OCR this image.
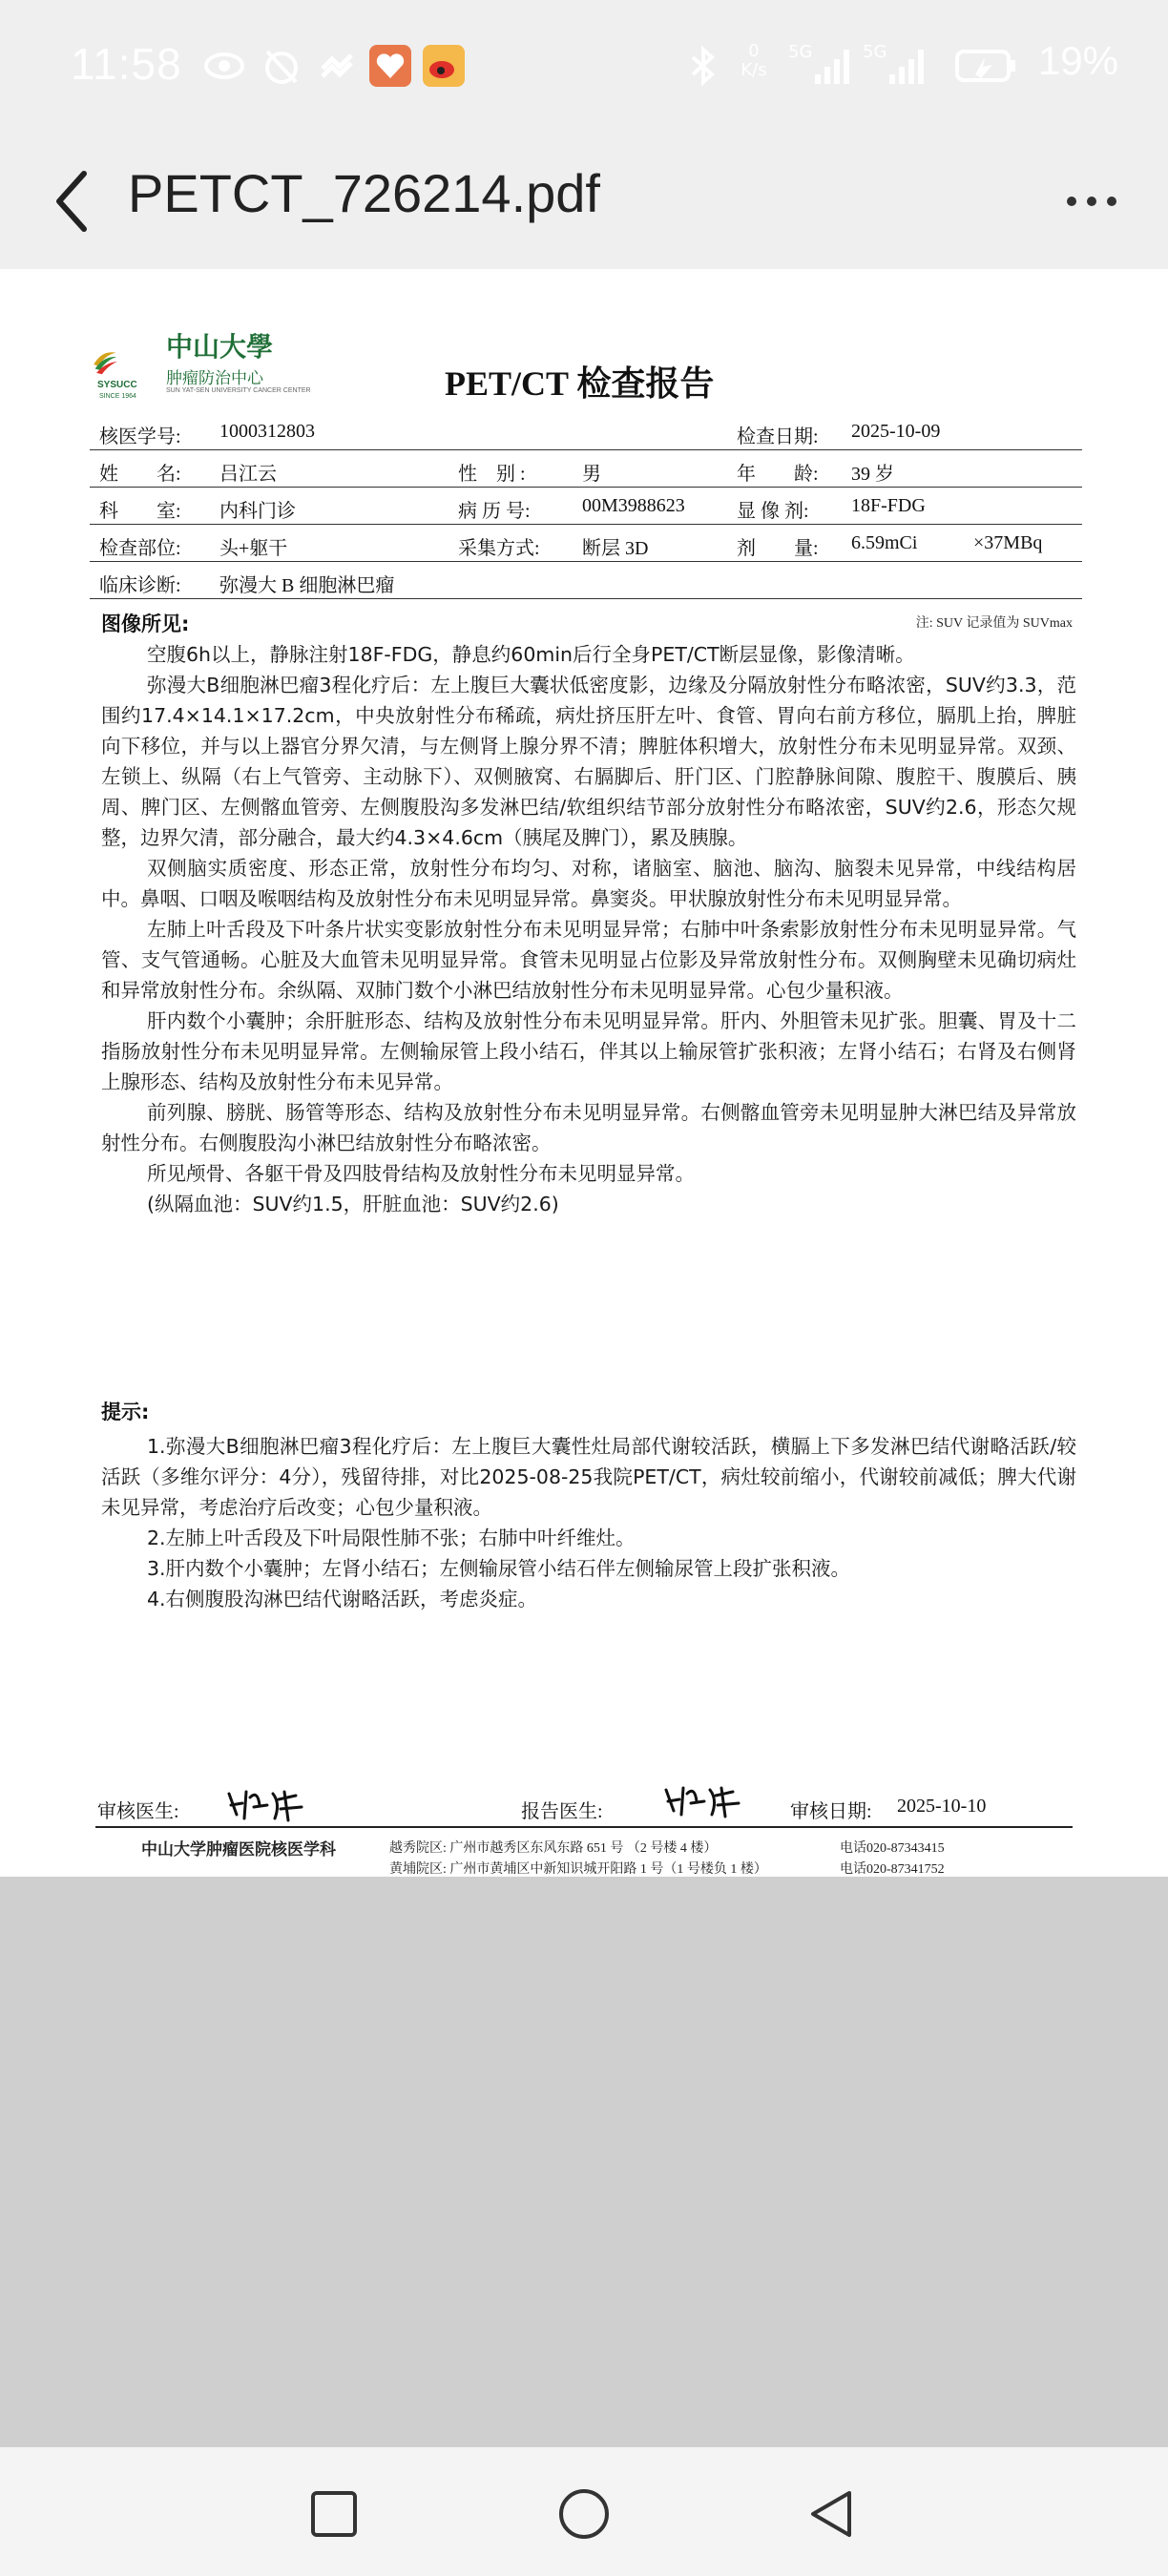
11:58	0 K/s
5G	5G	19%
PETCT_726214.pdf
中山大學
肿瘤防治中心
SYSUCC
SINCE 1964
SUN YAT-SEN UNIVERSITY CANCER CENTER	PET/CT 检查报告
核医学号: 1000312803	检查日期: 2025-10-09
姓　　名: 吕江云	性　别 :	男	年　　龄: 39 岁
科　　室: 内科门诊	病 历 号:	00M3988623	显 像 剂: 18F-FDG
检查部位: 头+躯干	采集方式: 断层 3D	剂　　量: 6.59mCi	×37MBq
临床诊断: 弥漫大 B 细胞淋巴瘤
图像所见:	注: SUV 记录值为 SUVmax

空腹6h以上，静脉注射18F-FDG，静息约60min后行全身PET/CT断层显像，影像清晰。

弥漫大B细胞淋巴瘤3程化疗后：左上腹巨大囊状低密度影，边缘及分隔放射性分布略浓密，SUV约3.3，范围约17.4×14.1×17.2cm，中央放射性分布稀疏，病灶挤压肝左叶、食管、胃向右前方移位，膈肌上抬，脾脏向下移位，并与以上器官分界欠清，与左侧肾上腺分界不清；脾脏体积增大，放射性分布未见明显异常。双颈、左锁上、纵隔（右上气管旁、主动脉下）、双侧腋窝、右膈脚后、肝门区、门腔静脉间隙、腹腔干、腹膜后、胰周、脾门区、左侧髂血管旁、左侧腹股沟多发淋巴结/软组织结节部分放射性分布略浓密，SUV约2.6，形态欠规整，边界欠清，部分融合，最大约4.3×4.6cm（胰尾及脾门），累及胰腺。

双侧脑实质密度、形态正常，放射性分布均匀、对称，诸脑室、脑池、脑沟、脑裂未见异常，中线结构居中。鼻咽、口咽及喉咽结构及放射性分布未见明显异常。鼻窦炎。甲状腺放射性分布未见明显异常。

左肺上叶舌段及下叶条片状实变影放射性分布未见明显异常；右肺中叶条索影放射性分布未见明显异常。气管、支气管通畅。心脏及大血管未见明显异常。食管未见明显占位影及异常放射性分布。双侧胸壁未见确切病灶和异常放射性分布。余纵隔、双肺门数个小淋巴结放射性分布未见明显异常。心包少量积液。

肝内数个小囊肿；余肝脏形态、结构及放射性分布未见明显异常。肝内、外胆管未见扩张。胆囊、胃及十二指肠放射性分布未见明显异常。左侧输尿管上段小结石，伴其以上输尿管扩张积液；左肾小结石；右肾及右侧肾上腺形态、结构及放射性分布未见异常。

前列腺、膀胱、肠管等形态、结构及放射性分布未见明显异常。右侧髂血管旁未见明显肿大淋巴结及异常放射性分布。右侧腹股沟小淋巴结放射性分布略浓密。

所见颅骨、各躯干骨及四肢骨结构及放射性分布未见明显异常。

(纵隔血池：SUV约1.5，肝脏血池：SUV约2.6)

提示:

1.弥漫大B细胞淋巴瘤3程化疗后：左上腹巨大囊性灶局部代谢较活跃，横膈上下多发淋巴结代谢略活跃/较活跃（多维尔评分：4分），残留待排，对比2025-08-25我院PET/CT，病灶较前缩小，代谢较前减低；脾大代谢未见异常，考虑治疗后改变；心包少量积液。

2.左肺上叶舌段及下叶局限性肺不张；右肺中叶纤维灶。

3.肝内数个小囊肿；左肾小结石；左侧输尿管小结石伴左侧输尿管上段扩张积液。

4.右侧腹股沟淋巴结代谢略活跃，考虑炎症。

审核医生:	报告医生:	审核日期: 2025-10-10
中山大学肿瘤医院核医学科	越秀院区: 广州市越秀区东风东路 651 号 （2 号楼 4 楼）
黄埔院区: 广州市黄埔区中新知识城开阳路 1 号（1 号楼负 1 楼）
电话020-87343415
电话020-87341752
